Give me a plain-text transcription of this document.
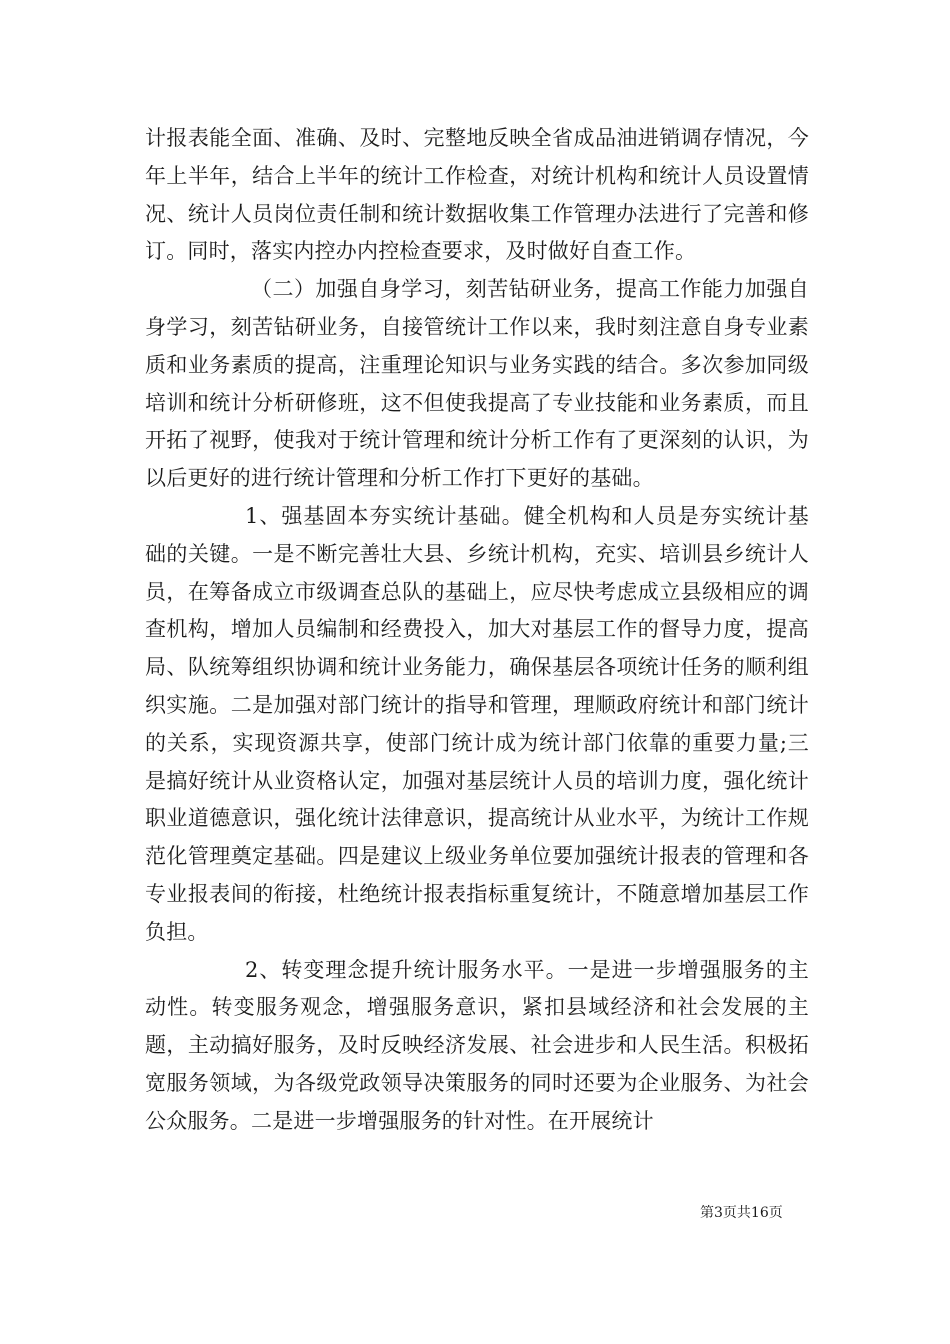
计报表能全面、准确、及时、完整地反映全省成品油进销调存情况，今年上半年，结合上半年的统计工作检查，对统计机构和统计人员设置情况、统计人员岗位责任制和统计数据收集工作管理办法进行了完善和修订。同时，落实内控办内控检查要求，及时做好自查工作。

（二）加强自身学习，刻苦钻研业务，提高工作能力加强自身学习，刻苦钻研业务，自接管统计工作以来，我时刻注意自身专业素质和业务素质的提高，注重理论知识与业务实践的结合。多次参加同级培训和统计分析研修班，这不但使我提高了专业技能和业务素质，而且开拓了视野，使我对于统计管理和统计分析工作有了更深刻的认识，为以后更好的进行统计管理和分析工作打下更好的基础。

1、强基固本夯实统计基础。健全机构和人员是夯实统计基础的关键。一是不断完善壮大县、乡统计机构，充实、培训县乡统计人员，在筹备成立市级调查总队的基础上，应尽快考虑成立县级相应的调查机构，增加人员编制和经费投入，加大对基层工作的督导力度，提高局、队统筹组织协调和统计业务能力，确保基层各项统计任务的顺利组织实施。二是加强对部门统计的指导和管理，理顺政府统计和部门统计的关系，实现资源共享，使部门统计成为统计部门依靠的重要力量;三是搞好统计从业资格认定，加强对基层统计人员的培训力度，强化统计职业道德意识，强化统计法律意识，提高统计从业水平，为统计工作规范化管理奠定基础。四是建议上级业务单位要加强统计报表的管理和各专业报表间的衔接，杜绝统计报表指标重复统计，不随意增加基层工作负担。

2、转变理念提升统计服务水平。一是进一步增强服务的主动性。转变服务观念，增强服务意识，紧扣县域经济和社会发展的主题，主动搞好服务，及时反映经济发展、社会进步和人民生活。积极拓宽服务领域，为各级党政领导决策服务的同时还要为企业服务、为社会公众服务。二是进一步增强服务的针对性。在开展统计

第3页共16页
